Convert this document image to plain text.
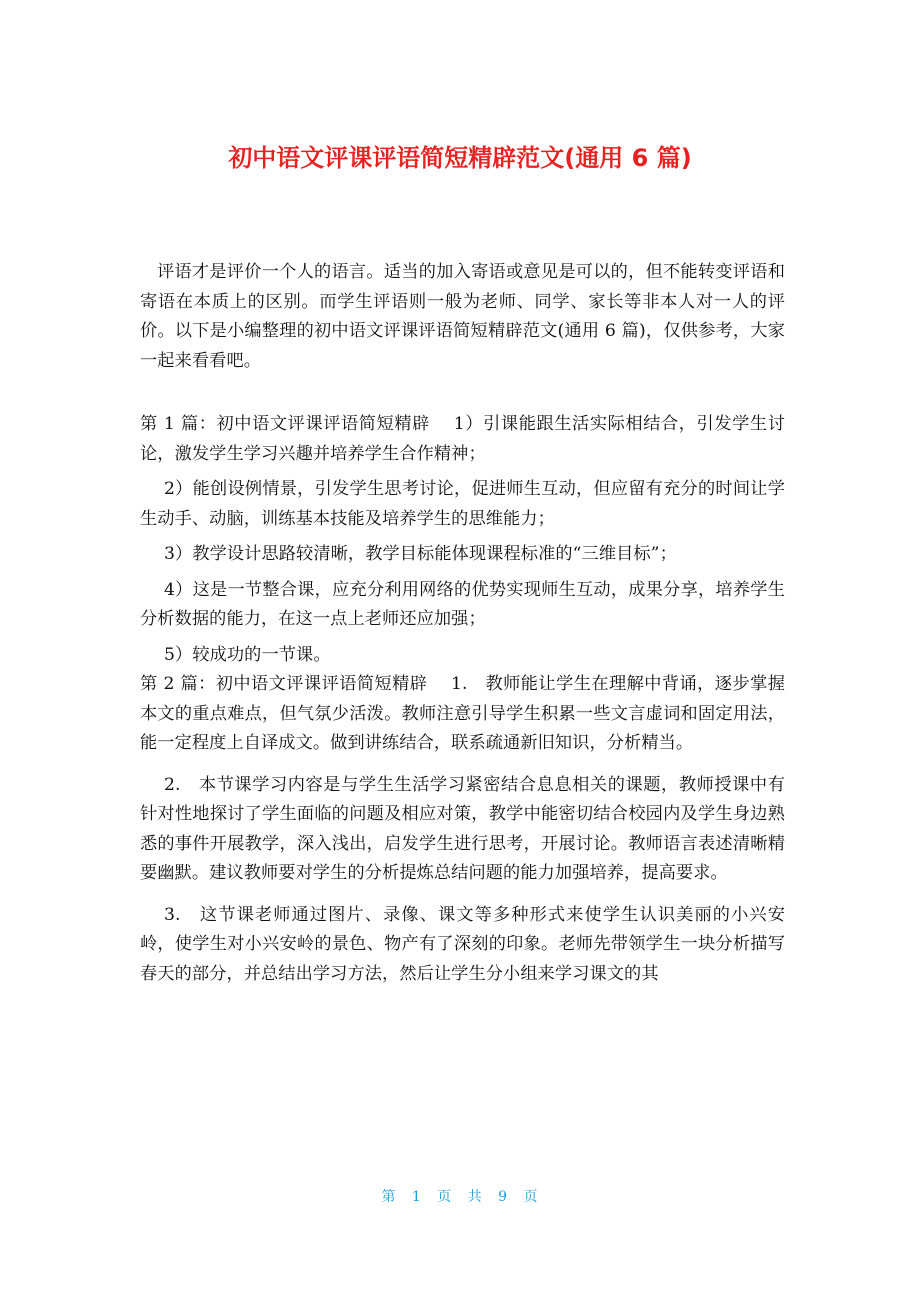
初中语文评课评语简短精辟范文(通用 6 篇)

评语才是评价一个人的语言。适当的加入寄语或意见是可以的，但不能转变评语和寄语在本质上的区别。而学生评语则一般为老师、同学、家长等非本人对一人的评价。以下是小编整理的初中语文评课评语简短精辟范文(通用 6 篇)，仅供参考，大家一起来看看吧。

第 1 篇：初中语文评课评语简短精辟　 1）引课能跟生活实际相结合，引发学生讨论，激发学生学习兴趣并培养学生合作精神；

2）能创设例情景，引发学生思考讨论，促进师生互动，但应留有充分的时间让学生动手、动脑，训练基本技能及培养学生的思维能力；

3）教学设计思路较清晰，教学目标能体现课程标准的“三维目标”；

4）这是一节整合课，应充分利用网络的优势实现师生互动，成果分享，培养学生分析数据的能力，在这一点上老师还应加强；

5）较成功的一节课。

第 2 篇：初中语文评课评语简短精辟　 1.　教师能让学生在理解中背诵，逐步掌握本文的重点难点，但气氛少活泼。教师注意引导学生积累一些文言虚词和固定用法，能一定程度上自译成文。做到讲练结合，联系疏通新旧知识，分析精当。

2.　本节课学习内容是与学生生活学习紧密结合息息相关的课题，教师授课中有针对性地探讨了学生面临的问题及相应对策，教学中能密切结合校园内及学生身边熟悉的事件开展教学，深入浅出，启发学生进行思考，开展讨论。教师语言表述清晰精要幽默。建议教师要对学生的分析提炼总结问题的能力加强培养，提高要求。

3.　这节课老师通过图片、录像、课文等多种形式来使学生认识美丽的小兴安岭，使学生对小兴安岭的景色、物产有了深刻的印象。老师先带领学生一块分析描写春天的部分，并总结出学习方法，然后让学生分小组来学习课文的其

第 1 页 共 9 页
